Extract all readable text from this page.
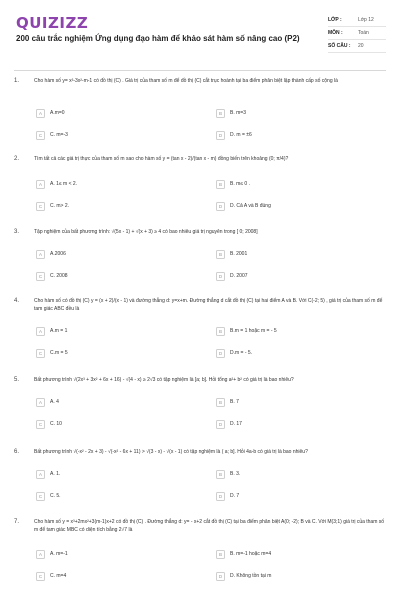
QUIZIZZ
200 câu trắc nghiệm Ứng dụng đạo hàm để khảo sát hàm số nâng cao (P2)
LỚP :	Lớp 12
MÔN :	Toán
SỐ CÂU :	20
1.	Cho hàm số y= x³-3x²-m-1 có đồ thị (C) . Giá trị của tham số m để đồ thị (C) cắt trục hoành tại ba điểm phân biệt lập thành cấp số cộng là
A	A.m=0	B	B. m=3
C	C. m=-3	D	D. m = ±6
2.	Tìm tất cả các giá trị thực của tham số m sao cho hàm số y = (tan x - 2)/(tan x - m) đồng biến trên khoảng (0; π/4)?
A	A. 1≤ m < 2.	B	B. m≤ 0 .
C	C. m> 2.	D	D. Cả A và B đúng
3.	Tập nghiệm của bất phương trình: √(5x - 1) + √(x + 3) ≥ 4 có bao nhiêu giá trị nguyên trong [ 0; 2008]
A	A.2006	B	B. 2001
C	C. 2008	D	D. 2007
4.	Cho hàm số có đồ thị (C) y = (x + 2)/(x - 1) và đường thẳng d: y=x+m. Đường thẳng d cắt đồ thị (C) tại hai điểm A và B. Với C(-2; 5) , giá trị của tham số m để tam giác ABC đều là
A	A.m = 1	B	B.m = 1 hoặc m = - 5
C	C.m = 5	D	D.m = - 5.
5.	Bất phương trình √(2x³ + 3x² + 6x + 16) - √(4 - x) ≥ 2√3 có tập nghiệm là [a; b]. Hỏi tổng a²+ b² có giá trị là bao nhiêu?
A	A. 4	B	B. 7
C	C. 10	D	D. 17
6.	Bất phương trình √(-x² - 2x + 3) - √(-x² - 6x + 11) > √(3 - x) - √(x - 1) có tập nghiệm là ( a; b]. Hỏi 4a-b có giá trị là bao nhiêu?
A	A. 1.	B	B. 3.
C	C. 5.	D	D. 7
7.	Cho hàm số y = x³+2mx²+3(m-1)x+2 có đồ thị (C) . Đường thẳng d: y= - x+2 cắt đồ thị (C) tại ba điểm phân biệt A(0; -2); B và C. Với M(3;1) giá trị của tham số m để tam giác MBC có diện tích bằng 2√7 là
A	A. m=-1	B	B. m=-1 hoặc m=4
C	C. m=4	D	D. Không tồn tại m
